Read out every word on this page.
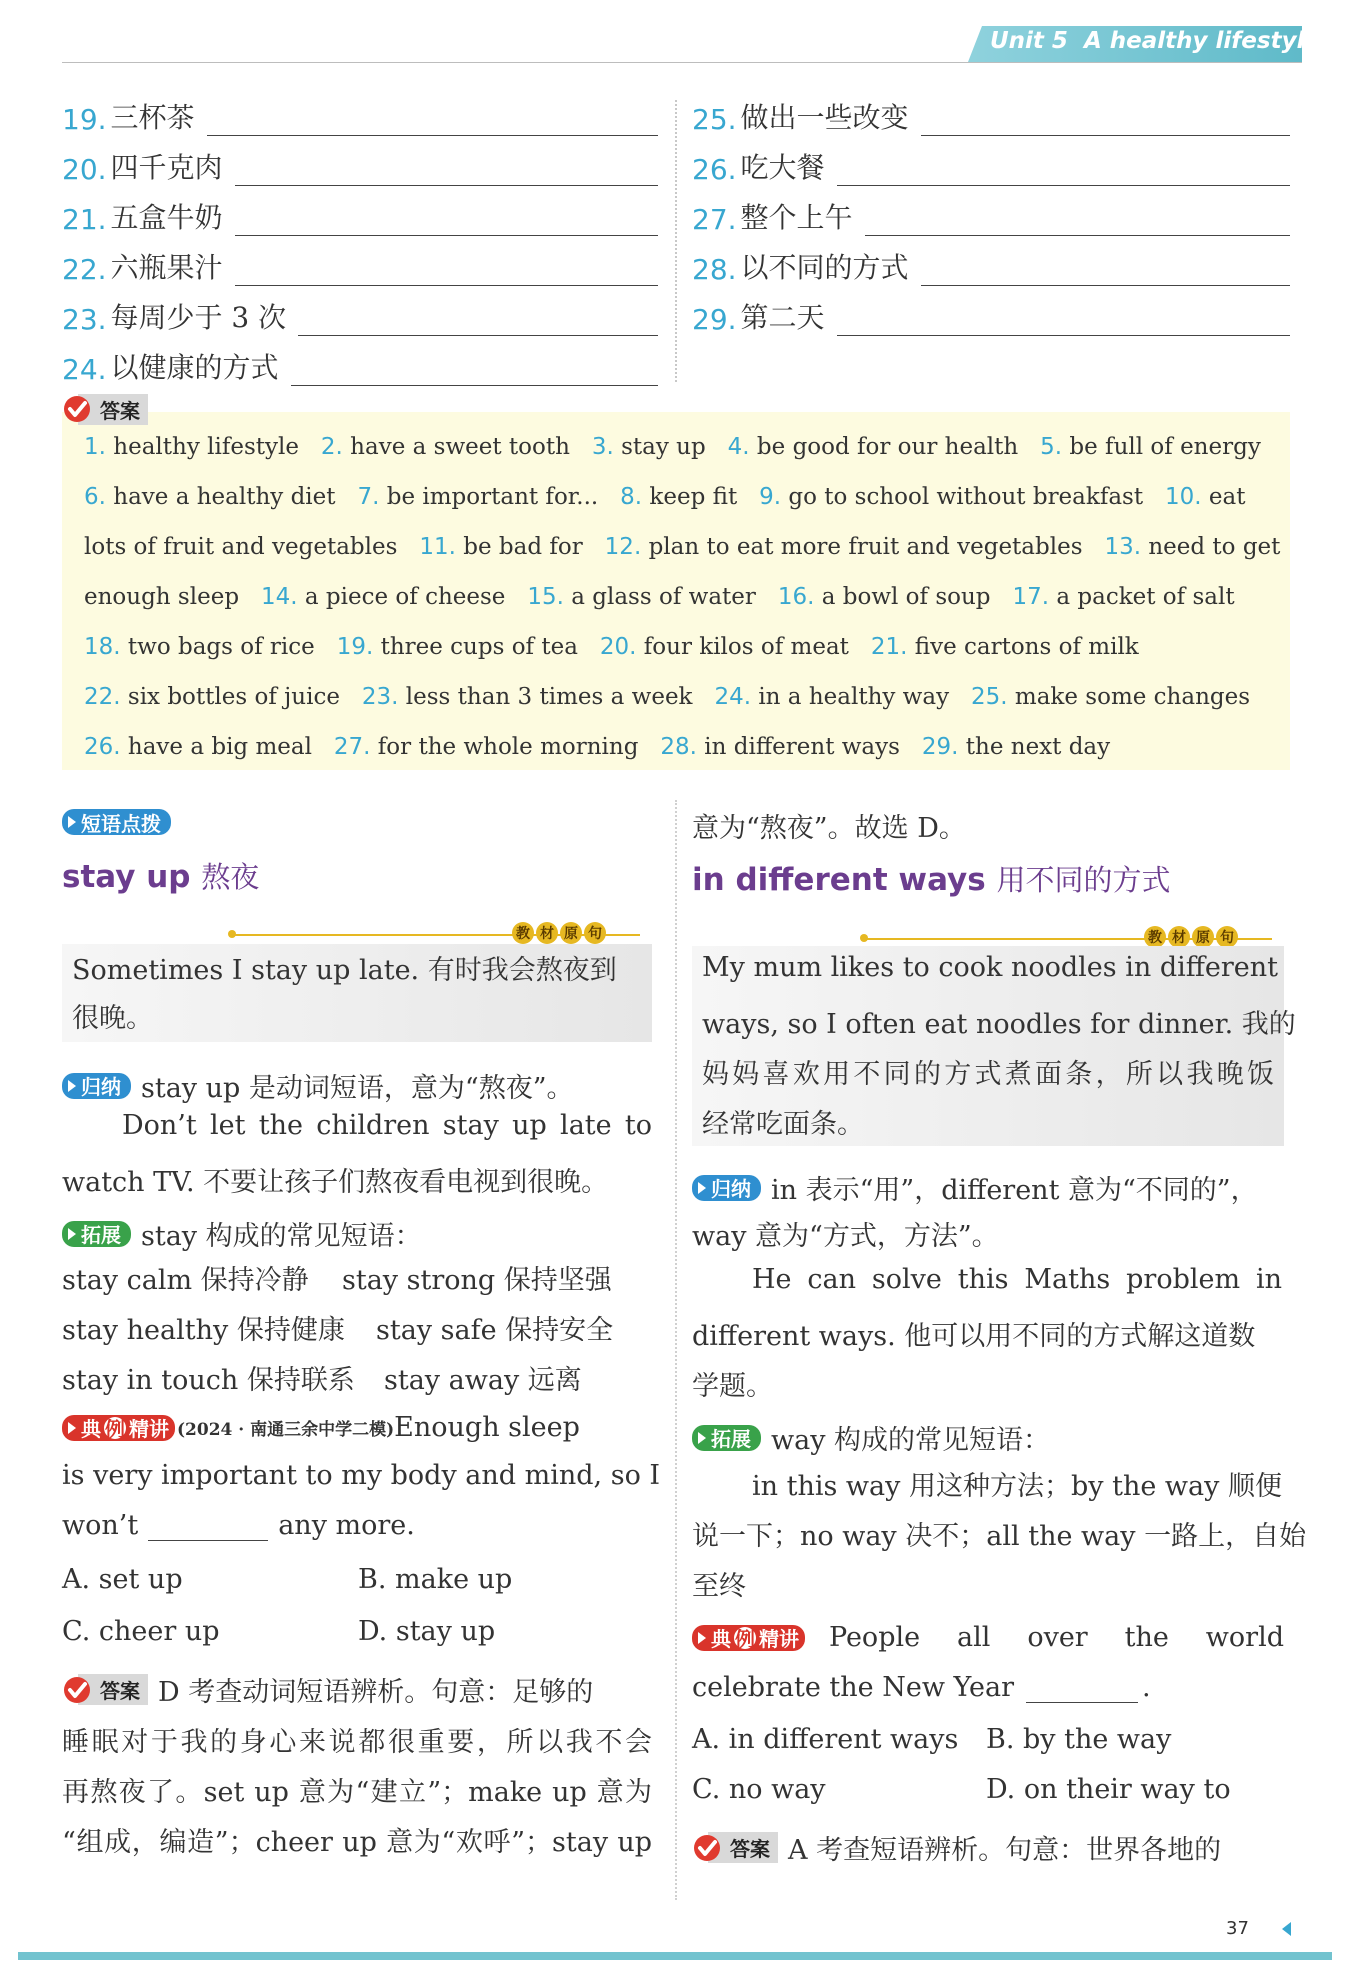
Unit 5 A healthy lifestyle
19. 三杯茶
20. 四千克肉
21. 五盒牛奶
22. 六瓶果汁
23. 每周少于 3 次
24. 以健康的方式
25. 做出一些改变
26. 吃大餐
27. 整个上午
28. 以不同的方式
29. 第二天
答案
1. healthy lifestyle 2. have a sweet tooth 3. stay up 4. be good for our health 5. be full of energy
6. have a healthy diet 7. be important for... 8. keep fit 9. go to school without breakfast 10. eat
lots of fruit and vegetables 11. be bad for 12. plan to eat more fruit and vegetables 13. need to get
enough sleep 14. a piece of cheese 15. a glass of water 16. a bowl of soup 17. a packet of salt
18. two bags of rice 19. three cups of tea 20. four kilos of meat 21. five cartons of milk
22. six bottles of juice 23. less than 3 times a week 24. in a healthy way 25. make some changes
26. have a big meal 27. for the whole morning 28. in different ways 29. the next day
短语点拨
stay up 熬夜
教 材 原 句
Sometimes I stay up late. 有时我会熬夜到
很晚。
归纳 stay up 是动词短语，意为“熬夜”。
Don’t let the children stay up late to
watch TV. 不要让孩子们熬夜看电视到很晚。
拓展 stay 构成的常见短语：
stay calm 保持冷静 stay strong 保持坚强
stay healthy 保持健康 stay safe 保持安全
stay in touch 保持联系 stay away 远离
典 例 精讲 (2024 · 南通三余中学二模) Enough sleep
is very important to my body and mind, so I
won’t	any more.
A. set up	B. make up
C. cheer up	D. stay up
答案 D 考查动词短语辨析。句意：足够的
睡眠对于我的身心来说都很重要，所以我不会
再熬夜了。set up 意为“建立”；make up 意为
“组成，编造”；cheer up 意为“欢呼”；stay up
意为“熬夜”。故选 D。
in different ways 用不同的方式
教 材 原 句
My mum likes to cook noodles in different
ways, so I often eat noodles for dinner. 我的
妈妈喜欢用不同的方式煮面条，所以我晚饭
经常吃面条。
归纳 in 表示“用”，different 意为“不同的”，
way 意为“方式，方法”。
He can solve this Maths problem in
different ways. 他可以用不同的方式解这道数
学题。
拓展 way 构成的常见短语：
in this way 用这种方法；by the way 顺便
说一下；no way 决不；all the way 一路上，自始
至终
典 例 精讲 People all over the world
celebrate the New Year	.
A. in different ways B. by the way
C. no way	D. on their way to
答案 A 考查短语辨析。句意：世界各地的
37
